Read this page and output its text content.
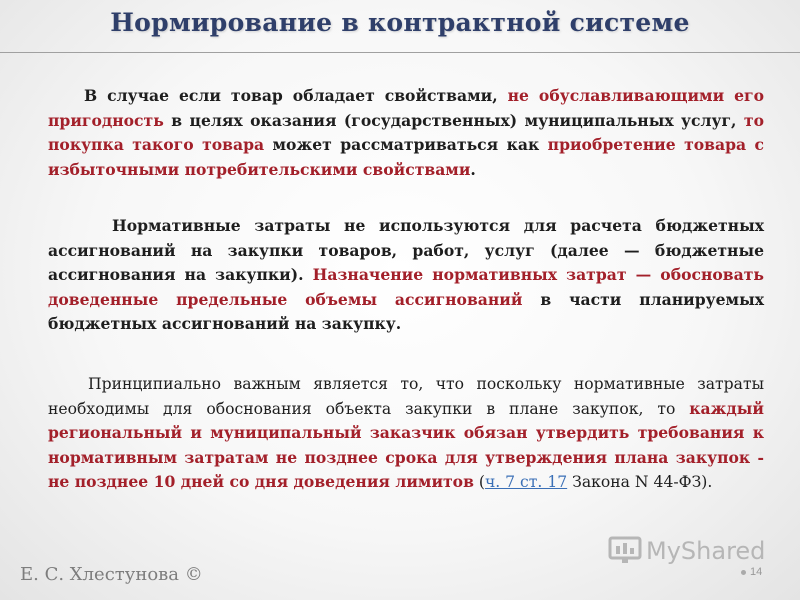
Нормирование в контрактной системе
В случае если товар обладает свойствами, не обуславливающими его пригодность в целях оказания (государственных) муниципальных услуг, то покупка такого товара может рассматриваться как приобретение товара с избыточными потребительскими свойствами.
Нормативные затраты не используются для расчета бюджетных ассигнований на закупки товаров, работ, услуг (далее — бюджетные ассигнования на закупки). Назначение нормативных затрат — обосновать доведенные предельные объемы ассигнований в части планируемых бюджетных ассигнований на закупку.
Принципиально важным является то, что поскольку нормативные затраты необходимы для обоснования объекта закупки в плане закупок, то каждый региональный и муниципальный заказчик обязан утвердить требования к нормативным затратам не позднее срока для утверждения плана закупок - не позднее 10 дней со дня доведения лимитов (ч. 7 ст. 17 Закона N 44-ФЗ).
Е. С. Хлестунова ©
MyShared
14
